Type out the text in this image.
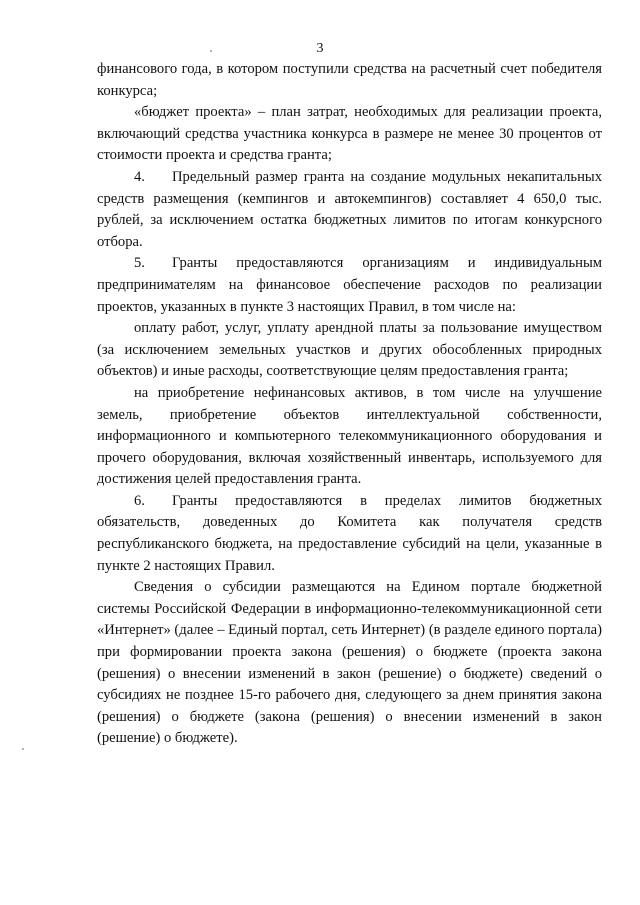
3

финансового года, в котором поступили средства на расчетный счет победителя конкурса;

«бюджет проекта» – план затрат, необходимых для реализации проекта, включающий средства участника конкурса в размере не менее 30 процентов от стоимости проекта и средства гранта;

4. Предельный размер гранта на создание модульных некапитальных средств размещения (кемпингов и автокемпингов) составляет 4 650,0 тыс. рублей, за исключением остатка бюджетных лимитов по итогам конкурсного отбора.

5. Гранты предоставляются организациям и индивидуальным предпринимателям на финансовое обеспечение расходов по реализации проектов, указанных в пункте 3 настоящих Правил, в том числе на:

оплату работ, услуг, уплату арендной платы за пользование имуществом (за исключением земельных участков и других обособленных природных объектов) и иные расходы, соответствующие целям предоставления гранта;

на приобретение нефинансовых активов, в том числе на улучшение земель, приобретение объектов интеллектуальной собственности, информационного и компьютерного телекоммуникационного оборудования и прочего оборудования, включая хозяйственный инвентарь, используемого для достижения целей предоставления гранта.

6. Гранты предоставляются в пределах лимитов бюджетных обязательств, доведенных до Комитета как получателя средств республиканского бюджета, на предоставление субсидий на цели, указанные в пункте 2 настоящих Правил.

Сведения о субсидии размещаются на Едином портале бюджетной системы Российской Федерации в информационно-телекоммуникационной сети «Интернет» (далее – Единый портал, сеть Интернет) (в разделе единого портала) при формировании проекта закона (решения) о бюджете (проекта закона (решения) о внесении изменений в закон (решение) о бюджете) сведений о субсидиях не позднее 15-го рабочего дня, следующего за днем принятия закона (решения) о бюджете (закона (решения) о внесении изменений в закон (решение) о бюджете).
